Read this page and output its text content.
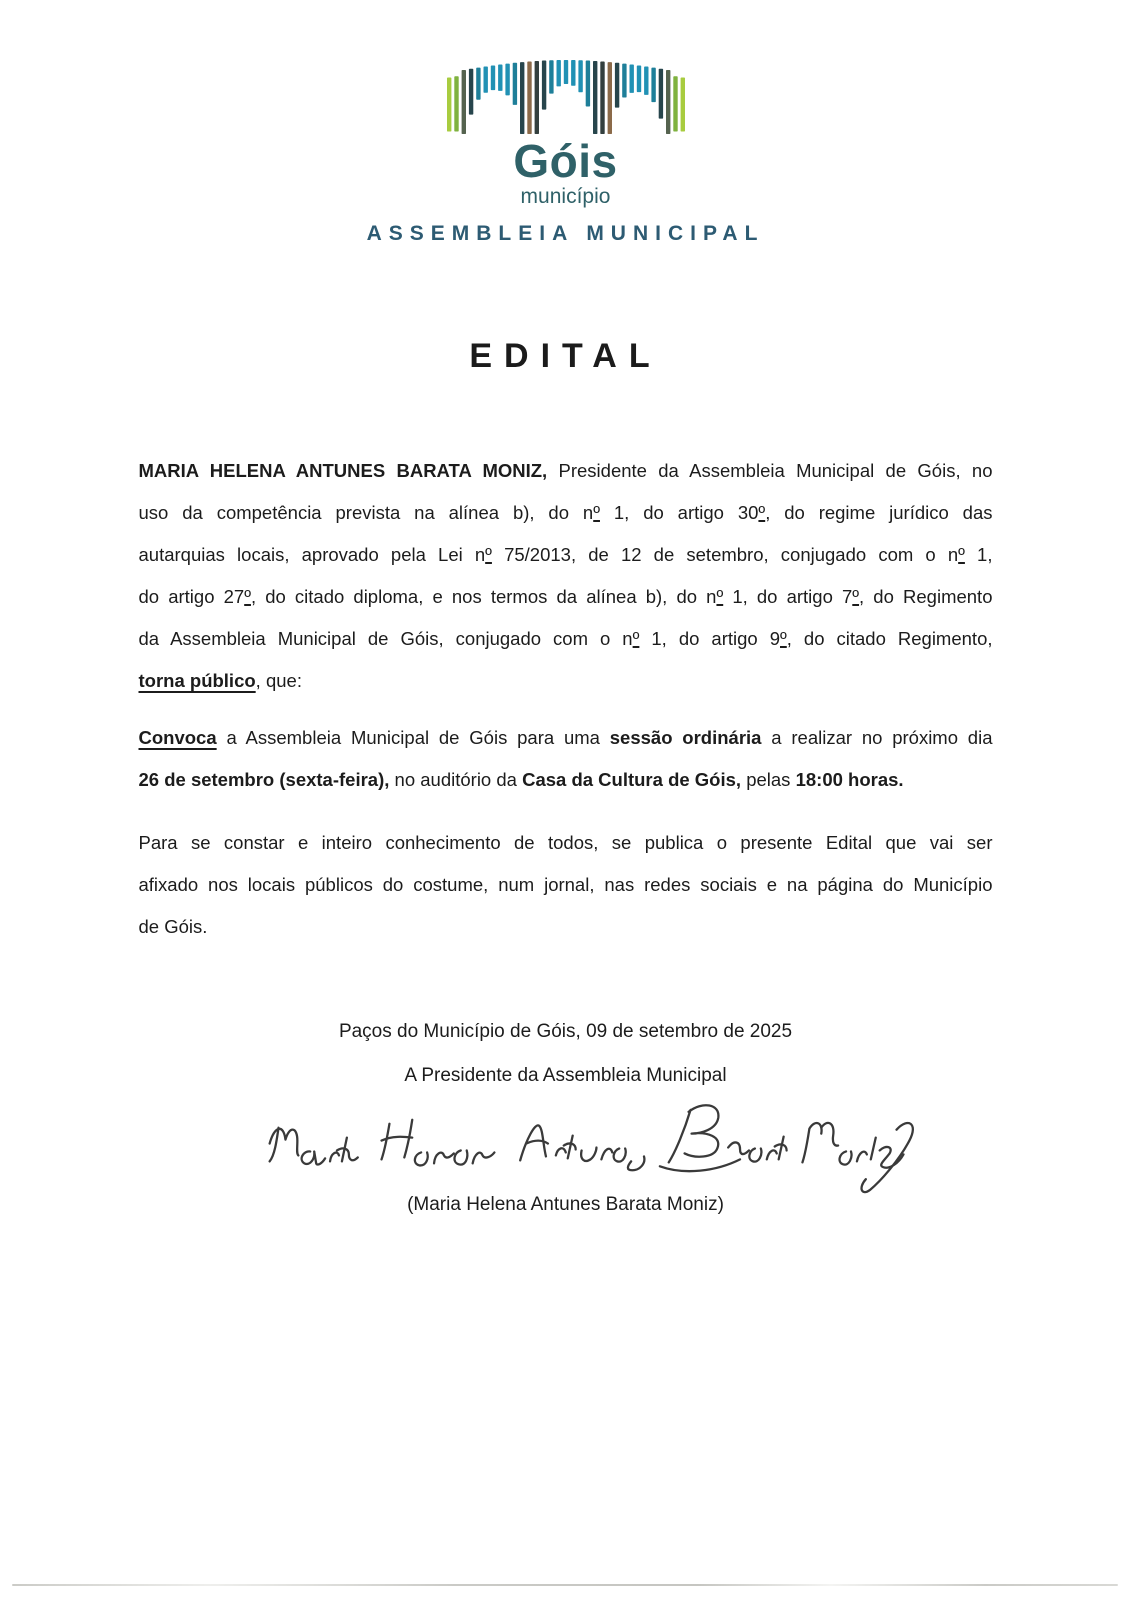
Góis
município
ASSEMBLEIA MUNICIPAL
EDITAL
MARIA HELENA ANTUNES BARATA MONIZ, Presidente da Assembleia Municipal de Góis, no
uso da competência prevista na alínea b), do nº 1, do artigo 30º, do regime jurídico das
autarquias locais, aprovado pela Lei nº 75/2013, de 12 de setembro, conjugado com o nº 1,
do artigo 27º, do citado diploma, e nos termos da alínea b), do nº 1, do artigo 7º, do Regimento
da Assembleia Municipal de Góis, conjugado com o nº 1, do artigo 9º, do citado Regimento,
torna público, que:
Convoca a Assembleia Municipal de Góis para uma sessão ordinária a realizar no próximo dia
26 de setembro (sexta-feira), no auditório da Casa da Cultura de Góis, pelas 18:00 horas.
Para se constar e inteiro conhecimento de todos, se publica o presente Edital que vai ser
afixado nos locais públicos do costume, num jornal, nas redes sociais e na página do Município
de Góis.
Paços do Município de Góis, 09 de setembro de 2025
A Presidente da Assembleia Municipal
(Maria Helena Antunes Barata Moniz)
